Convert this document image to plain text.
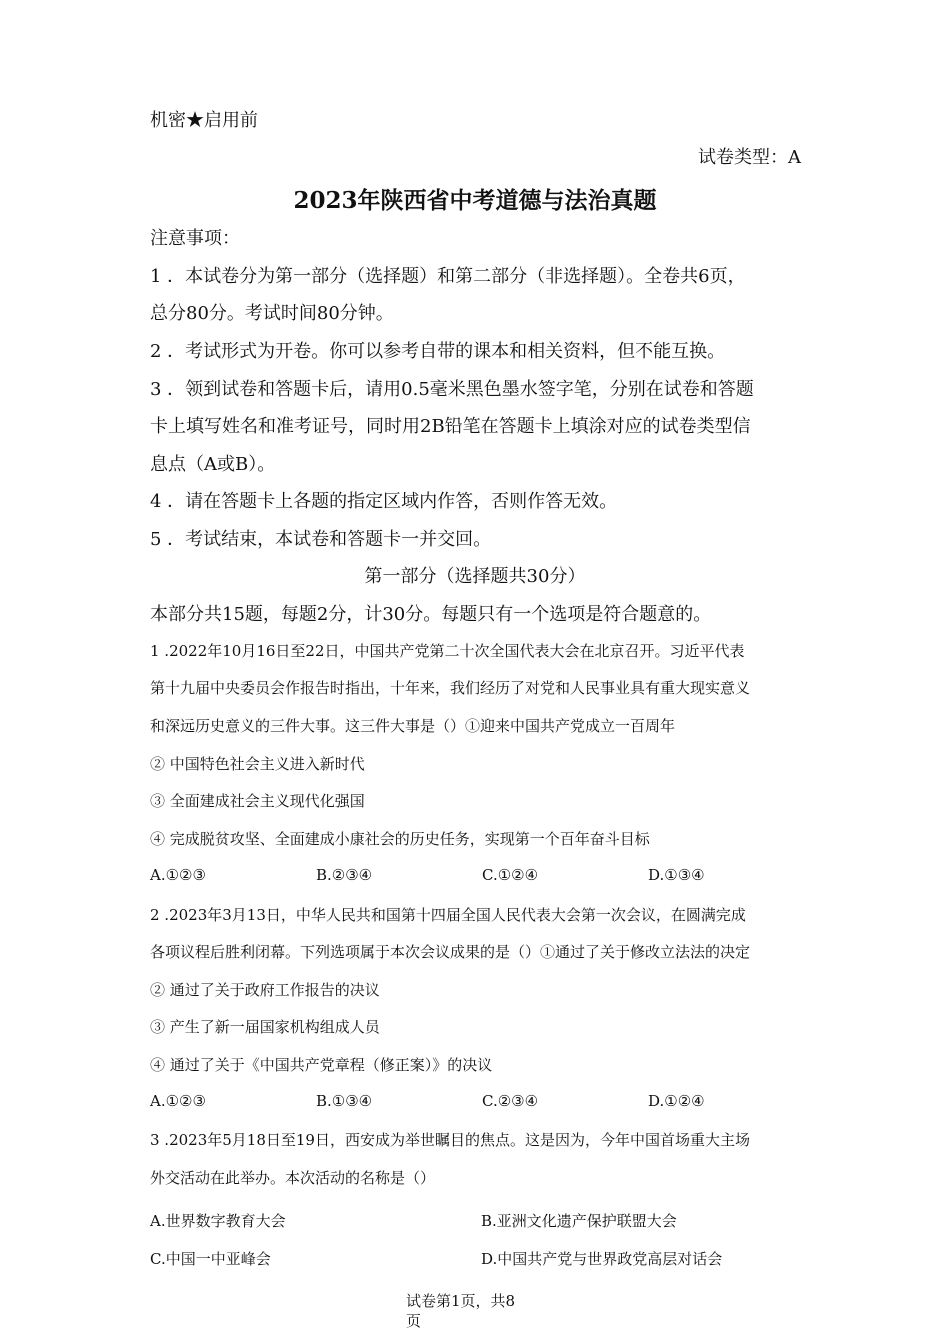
机密★启用前
试卷类型：A
2023年陕西省中考道德与法治真题
注意事项：
1 ．本试卷分为第一部分（选择题）和第二部分（非选择题）。全卷共6页，
总分80分。考试时间80分钟。
2 ．考试形式为开卷。你可以参考自带的课本和相关资料，但不能互换。
3 ．领到试卷和答题卡后，请用0.5毫米黑色墨水签字笔，分别在试卷和答题
卡上填写姓名和准考证号，同时用2B铅笔在答题卡上填涂对应的试卷类型信
息点（A或B）。
4 ．请在答题卡上各题的指定区域内作答，否则作答无效。
5 ．考试结束，本试卷和答题卡一并交回。
第一部分（选择题共30分）
本部分共15题，每题2分，计30分。每题只有一个选项是符合题意的。
1 .2022年10月16日至22日，中国共产党第二十次全国代表大会在北京召开。习近平代表
第十九届中央委员会作报告时指出，十年来，我们经历了对党和人民事业具有重大现实意义
和深远历史意义的三件大事。这三件大事是（）①迎来中国共产党成立一百周年
② 中国特色社会主义进入新时代
③ 全面建成社会主义现代化强国
④ 完成脱贫攻坚、全面建成小康社会的历史任务，实现第一个百年奋斗目标
A.①②③	B.②③④	C.①②④	D.①③④
2 .2023年3月13日，中华人民共和国第十四届全国人民代表大会第一次会议，在圆满完成
各项议程后胜利闭幕。下列选项属于本次会议成果的是（）①通过了关于修改立法法的决定
② 通过了关于政府工作报告的决议
③ 产生了新一届国家机构组成人员
④ 通过了关于《中国共产党章程（修正案）》的决议
A.①②③	B.①③④	C.②③④	D.①②④
3 .2023年5月18日至19日，西安成为举世瞩目的焦点。这是因为，今年中国首场重大主场
外交活动在此举办。本次活动的名称是（）
A.世界数字教育大会	B.亚洲文化遗产保护联盟大会
C.中国一中亚峰会	D.中国共产党与世界政党高层对话会
试卷第1页，共8
页
